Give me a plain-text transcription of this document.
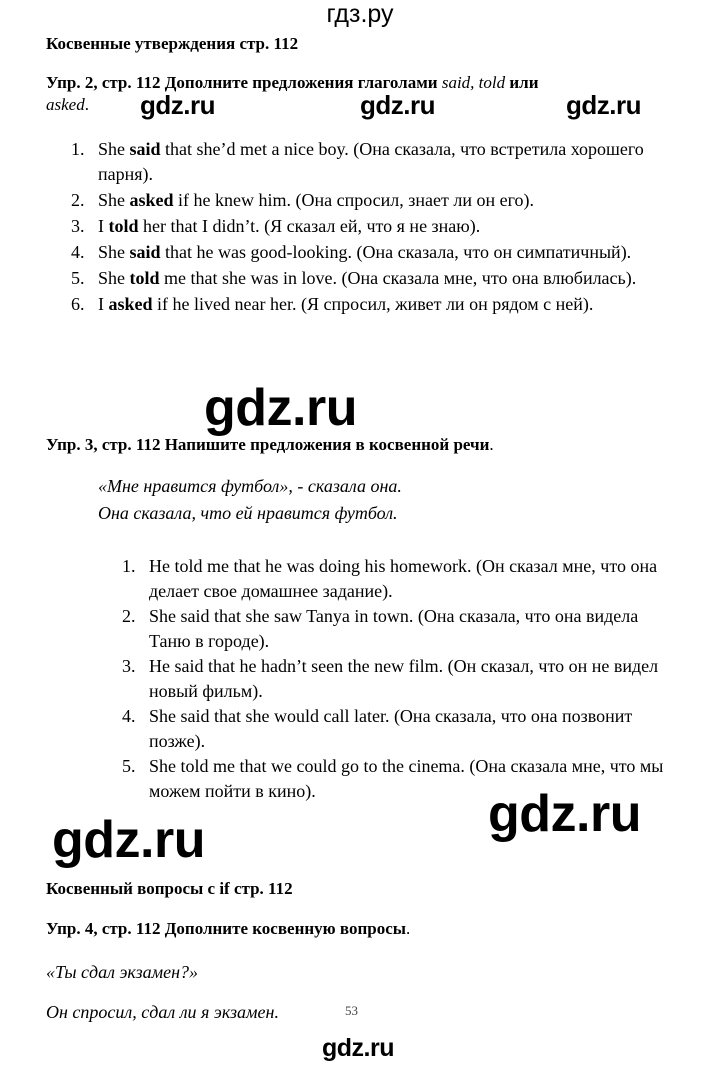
гдз.ру
Косвенные утверждения стр. 112
Упр. 2, стр. 112 Дополните предложения глаголами said, told или
asked.	gdz.ru	gdz.ru	gdz.ru
1. She said that she’d met a nice boy. (Она сказала, что встретила хорошего парня).
2. She asked if he knew him. (Она спросил, знает ли он его).
3. I told her that I didn’t. (Я сказал ей, что я не знаю).
4. She said that he was good-looking. (Она сказала, что он симпатичный).
5. She told me that she was in love. (Она сказала мне, что она влюбилась).
6. I asked if he lived near her. (Я спросил, живет ли он рядом с ней).
gdz.ru
Упр. 3, стр. 112 Напишите предложения в косвенной речи.
«Мне нравится футбол», - сказала она.
Она сказала, что ей нравится футбол.
1. He told me that he was doing his homework. (Он сказал мне, что она делает свое домашнее задание).
2. She said that she saw Tanya in town. (Она сказала, что она видела Таню в городе).
3. He said that he hadn’t seen the new film. (Он сказал, что он не видел новый фильм).
4. She said that she would call later. (Она сказала, что она позвонит позже).
5. She told me that we could go to the cinema. (Она сказала мне, что мы можем пойти в кино).	gdz.ru
gdz.ru
Косвенный вопросы с if стр. 112
Упр. 4, стр. 112 Дополните косвенную вопросы.
«Ты сдал экзамен?»
53
Он спросил, сдал ли я экзамен.
gdz.ru
